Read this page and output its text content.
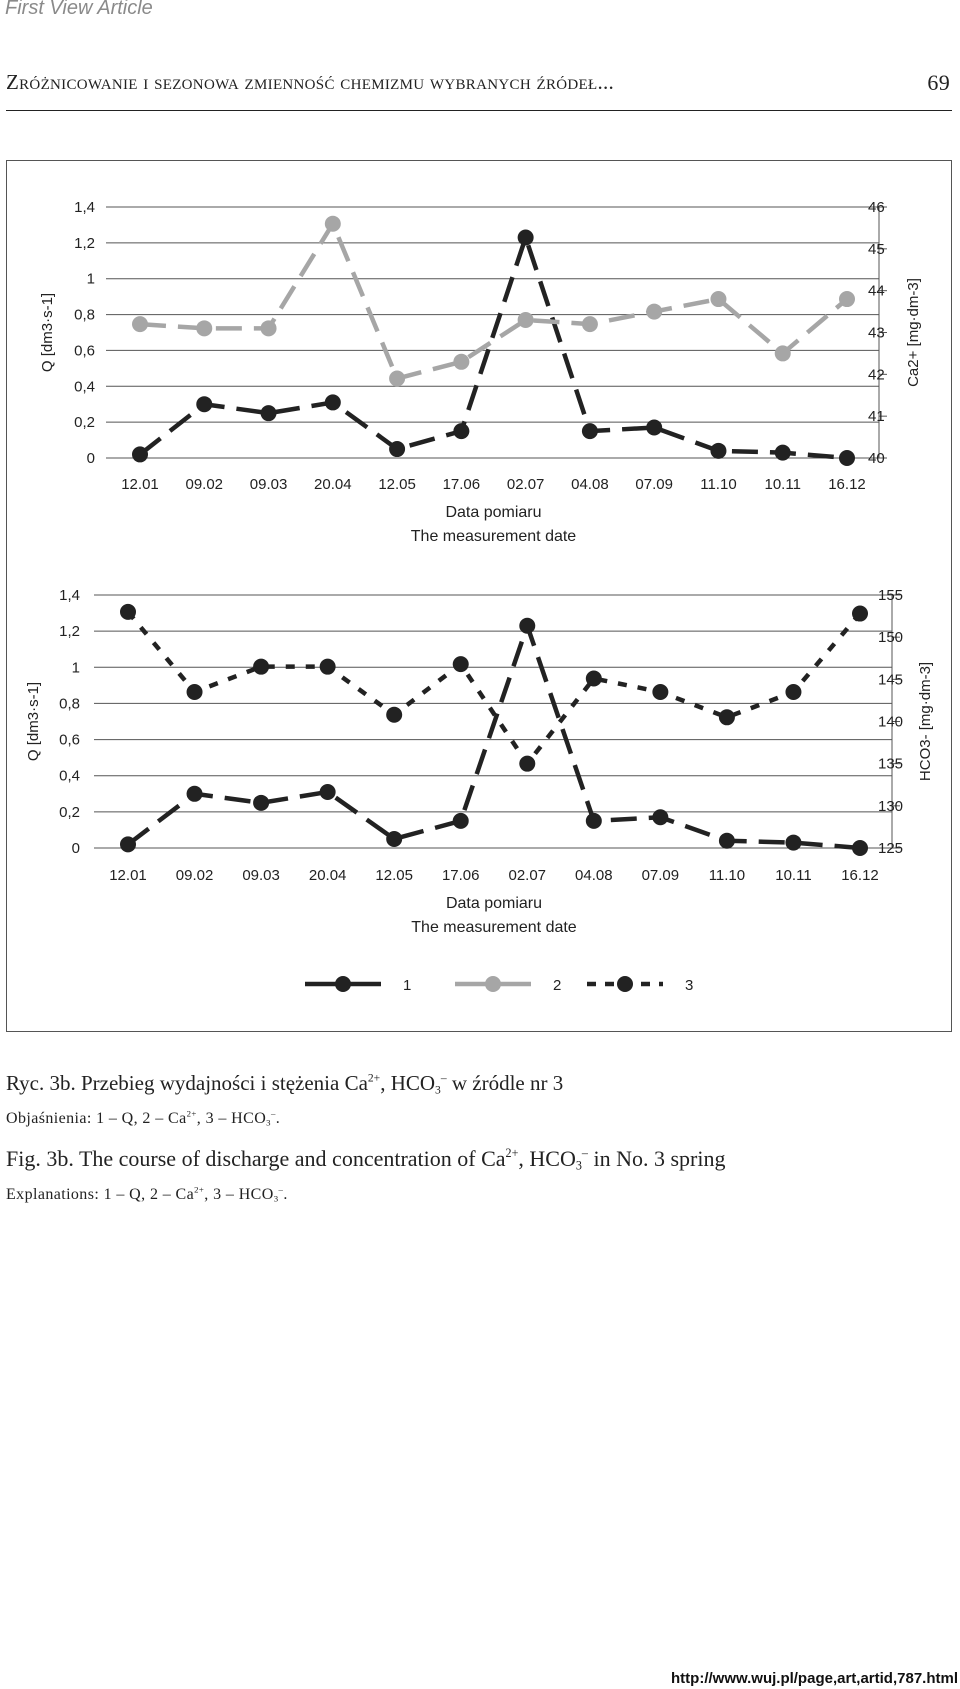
First View Article
Zróżnicowanie i sezonowa zmienność chemizmu wybranych źródeł...	69
0
0,2
0,4
0,6
0,8
1
1,2
1,4
40
41
42
43
44
45
46
12.01 09.02 09.03 20.04 12.05 17.06 02.07 04.08 07.09 11.10 10.11 16.12
Data pomiaru
The measurement date
Q [dm3·s-1]	Ca2+ [mg·dm-3]
0
0,2
0,4
0,6
0,8
1
1,2
1,4
125
130
135
140
145
150
155
12.01 09.02 09.03 20.04 12.05 17.06 02.07 04.08 07.09 11.10 10.11 16.12
Data pomiaru
The measurement date
Q [dm3·s-1]	HCO3- [mg·dm-3]
1	2	3
Ryc. 3b. Przebieg wydajności i stężenia $Ca^{2+}$, $HCO_3^-$ w źródle nr 3
Objaśnienia: 1 – Q, $2 - Ca^{2+}$, $3 - HCO_3^-$.
Fig. 3b. The course of discharge and concentration of $Ca^{2+}$, $HCO_3^-$ in No. 3 spring
Explanations: 1 – Q, $2 - Ca^{2+}$, $3 - HCO_3^-$.
http://www.wuj.pl/page,art,artid,787.html
